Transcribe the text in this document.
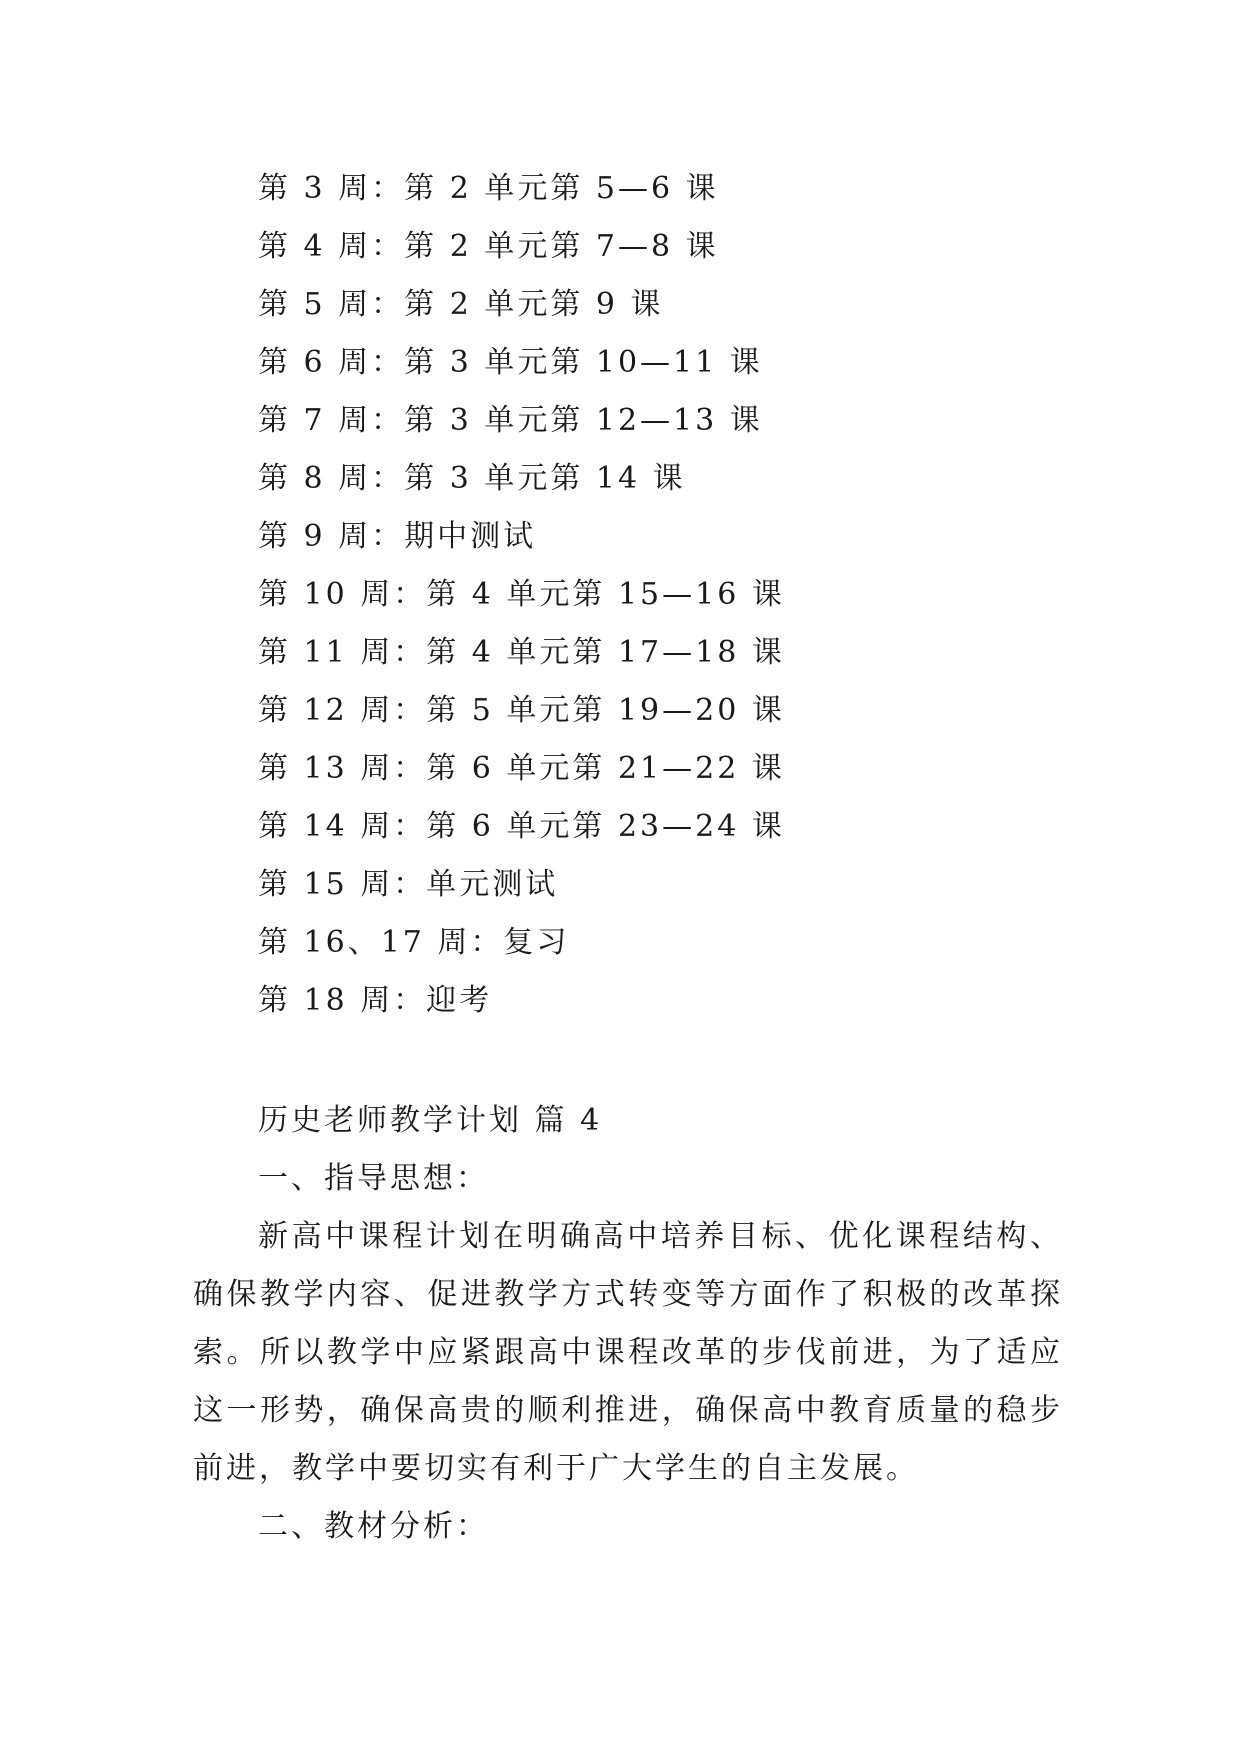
第 3 周：第 2 单元第 5—6 课
第 4 周：第 2 单元第 7—8 课
第 5 周：第 2 单元第 9 课
第 6 周：第 3 单元第 10—11 课
第 7 周：第 3 单元第 12—13 课
第 8 周：第 3 单元第 14 课
第 9 周：期中测试
第 10 周：第 4 单元第 15—16 课
第 11 周：第 4 单元第 17—18 课
第 12 周：第 5 单元第 19—20 课
第 13 周：第 6 单元第 21—22 课
第 14 周：第 6 单元第 23—24 课
第 15 周：单元测试
第 16、17 周：复习
第 18 周：迎考
历史老师教学计划 篇 4
一、指导思想：

新高中课程计划在明确高中培养目标、优化课程结构、确保教学内容、促进教学方式转变等方面作了积极的改革探索。所以教学中应紧跟高中课程改革的步伐前进，为了适应这一形势，确保高贵的顺利推进，确保高中教育质量的稳步前进，教学中要切实有利于广大学生的自主发展。

二、教材分析：
